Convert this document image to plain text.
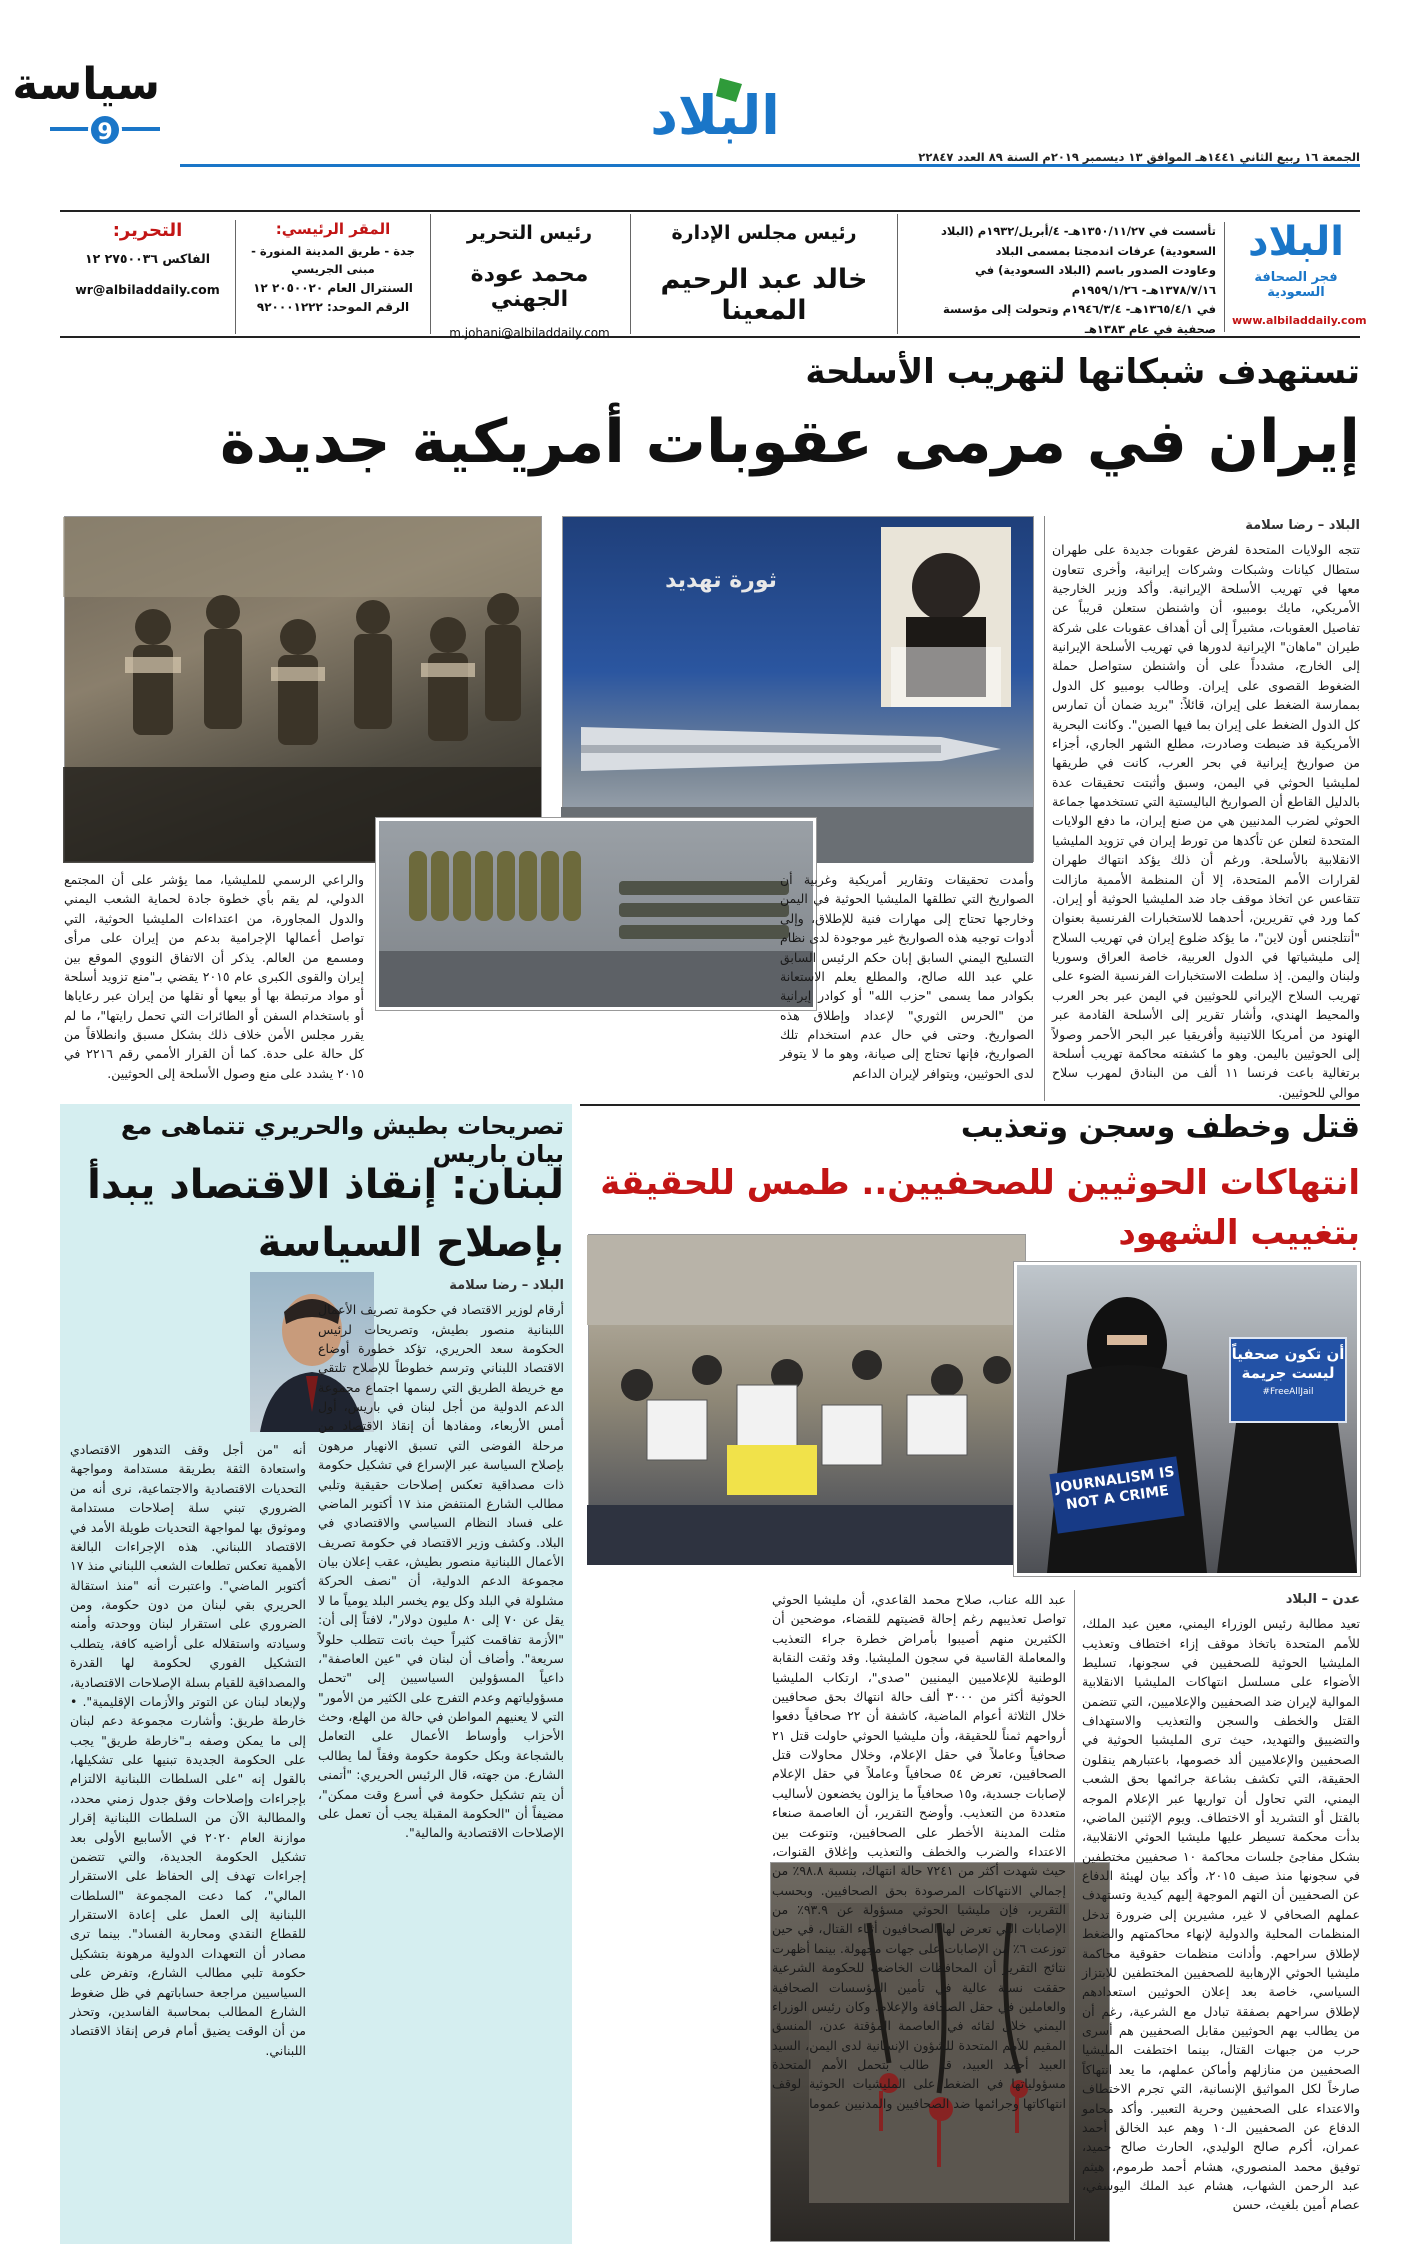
سياسة
9	البلاد
الجمعة ١٦ ربيع الثاني ١٤٤١هـ الموافق ١٣ ديسمبر ٢٠١٩م السنة ٨٩ العدد ٢٢٨٤٧
البلاد
فجر الصحافة السعودية
www.albiladdaily.com
تأسست في ١٣٥٠/١١/٢٧هـ- ٤/أبريل/١٩٣٢م (البلاد السعودية) عرفات اندمجتا بمسمى البلاد
وعاودت الصدور باسم (البلاد السعودية) في ١٣٧٨/٧/١٦هـ- ١٩٥٩/١/٢٦م
في ١٣٦٥/٤/١هـ- ١٩٤٦/٣/٤م وتحولت إلى مؤسسة صحفية في عام ١٣٨٣هـ
رئيس مجلس الإدارة
خالد عبد الرحيم المعينا
رئيس التحرير
محمد عودة الجهني
m.johani@albiladdaily.com
المقر الرئيسي:
جدة - طريق المدينة المنورة - مبنى الجريسي
السنترال العام ٢٠٥٠٠٢٠ ١٢
الرقم الموحد: ٩٢٠٠٠١٢٢٢
التحرير:
الفاكس ٢٧٥٠٠٣٦ ١٢
wr@albiladdaily.com
تستهدف شبكاتها لتهريب الأسلحة
إيران في مرمى عقوبات أمريكية جديدة
ثورة تهديد
البلاد – رضا سلامة

تتجه الولايات المتحدة لفرض عقوبات جديدة على طهران ستطال كيانات وشبكات وشركات إيرانية، وأخرى تتعاون معها في تهريب الأسلحة الإيرانية. وأكد وزير الخارجية الأمريكي، مايك بومبيو، أن واشنطن ستعلن قريباً عن تفاصيل العقوبات، مشيراً إلى أن أهداف عقوبات على شركة طيران "ماهان" الإيرانية لدورها في تهريب الأسلحة الإيرانية إلى الخارج، مشدداً على أن واشنطن ستواصل حملة الضغوط القصوى على إيران. وطالب بومبيو كل الدول بممارسة الضغط على إيران، قائلاً: "بريد ضمان أن تمارس كل الدول الضغط على إيران بما فيها الصين". وكانت البحرية الأمريكية قد ضبطت وصادرت، مطلع الشهر الجاري، أجزاء من صواريخ إيرانية في بحر العرب، كانت في طريقها لمليشيا الحوثي في اليمن، وسبق وأثبتت تحقيقات عدة بالدليل القاطع أن الصواريخ الباليستية التي تستخدمها جماعة الحوثي لضرب المدنيين هي من صنع إيران، ما دفع الولايات المتحدة لتعلن عن تأكدها من تورط إيران في تزويد المليشيا الانقلابية بالأسلحة. ورغم أن ذلك يؤكد انتهاك طهران لقرارات الأمم المتحدة، إلا أن المنظمة الأممية مازالت تتقاعس عن اتخاذ موقف جاد ضد المليشيا الحوثية أو إيران. كما ورد في تقريرين، أحدهما للاستخبارات الفرنسية بعنوان "أنتلجنس أون لاين"، ما يؤكد ضلوع إيران في تهريب السلاح إلى مليشياتها في الدول العربية، خاصة العراق وسوريا ولبنان واليمن. إذ سلطت الاستخبارات الفرنسية الضوء على تهريب السلاح الإيراني للحوثيين في اليمن عبر بحر العرب والمحيط الهندي، وأشار تقرير إلى الأسلحة القادمة عبر الهنود من أمريكا اللاتينية وأفريقيا عبر البحر الأحمر وصولاً إلى الحوثيين باليمن. وهو ما كشفته محاكمة تهريب أسلحة برتغالية باعت فرنسا ١١ ألف من البنادق لمهرب سلاح موالي للحوثيين.

وأمدت تحقيقات وتقارير أمريكية وغربية أن الصواريخ التي تطلقها المليشيا الحوثية في اليمن وخارجها تحتاج إلى مهارات فنية للإطلاق، وإلى أدوات توجيه هذه الصواريخ غير موجودة لدى نظام التسليح اليمني السابق إبان حكم الرئيس السابق علي عبد الله صالح، والمطلع يعلم الاستعانة بكوادر مما يسمى "حزب الله" أو كوادر إيرانية من "الحرس الثوري" لإعداد وإطلاق هذه الصواريخ. وحتى في حال عدم استخدام تلك الصواريخ، فإنها تحتاج إلى صيانة، وهو ما لا يتوفر لدى الحوثيين، ويتوافر لإيران الداعم

والراعي الرسمي للمليشيا، مما يؤشر على أن المجتمع الدولي، لم يقم بأي خطوة جادة لحماية الشعب اليمني والدول المجاورة، من اعتداءات المليشيا الحوثية، التي تواصل أعمالها الإجرامية بدعم من إيران على مرأى ومسمع من العالم. يذكر أن الاتفاق النووي الموقع بين إيران والقوى الكبرى عام ٢٠١٥ يقضي بـ"منع تزويد أسلحة أو مواد مرتبطة بها أو بيعها أو نقلها من إيران عبر رعاياها أو باستخدام السفن أو الطائرات التي تحمل رايتها"، ما لم يقرر مجلس الأمن خلاف ذلك بشكل مسبق وانطلاقاً من كل حالة على حدة. كما أن القرار الأممي رقم ٢٢١٦ في ٢٠١٥ يشدد على منع وصول الأسلحة إلى الحوثيين.

قتل وخطف وسجن وتعذيب
انتهاكات الحوثيين للصحفيين.. طمس للحقيقة بتغييب الشهود
أن تكون صحفياً ليست جريمة
#FreeAllJail
JOURNALISM IS NOT A CRIME
عدن – البلاد

تعيد مطالبة رئيس الوزراء اليمني، معين عبد الملك، للأمم المتحدة باتخاذ موقف إزاء اختطاف وتعذيب المليشيا الحوثية للصحفيين في سجونها، تسليط الأضواء على مسلسل انتهاكات المليشيا الانقلابية الموالية لإيران ضد الصحفيين والإعلاميين، التي تتضمن القتل والخطف والسجن والتعذيب والاستهداف والتضييق والتهديد، حيث ترى المليشيا الحوثية في الصحفيين والإعلاميين ألد خصومها، باعتبارهم ينقلون الحقيقة، التي تكشف بشاعة جرائمها بحق الشعب اليمني، التي تحاول أن تواريها عبر الإعلام الموجه بالقتل أو التشريد أو الاختطاف. ويوم الإثنين الماضي، بدأت محكمة تسيطر عليها مليشيا الحوثي الانقلابية، بشكل مفاجئ جلسات محاكمة ١٠ صحفيين مختطفين في سجونها منذ صيف ٢٠١٥، وأكد بيان لهيئة الدفاع عن الصحفيين أن التهم الموجهة إليهم كيدية وتستهدف عملهم الصحافي لا غير، مشيرين إلى ضرورة تدخل المنظمات المحلية والدولية لإنهاء محاكمتهم والضغط لإطلاق سراحهم. وأدانت منظمات حقوقية محاكمة مليشيا الحوثي الإرهابية للصحفيين المختطفين للابتزاز السياسي، خاصة بعد إعلان الحوثيين استعدادهم لإطلاق سراحهم بصفقة تبادل مع الشرعية، رغم أن من يطالب بهم الحوثيين مقابل الصحفيين هم أسرى حرب من جبهات القتال، بينما اختطفت المليشيا الصحفيين من منازلهم وأماكن عملهم، ما يعد انتهاكاً صارخاً لكل المواثيق الإنسانية، التي تجرم الاختطاف والاعتداء على الصحفيين وحرية التعبير. وأكد محامو الدفاع عن الصحفيين الـ١٠ وهم عبد الخالق أحمد عمران، أكرم صالح الوليدي، الحارث صالح حميد، توفيق محمد المنصوري، هشام أحمد طرموم، هيثم عبد الرحمن الشهاب، هشام عبد الملك اليوسفي، عصام أمين بلغيث، حسن

عبد الله عناب، صلاح محمد القاعدي، أن مليشيا الحوثي تواصل تعذيبهم رغم إحالة قضيتهم للقضاء، موضحين أن الكثيرين منهم أصيبوا بأمراض خطرة جراء التعذيب والمعاملة القاسية في سجون المليشيا. وقد وثقت النقابة الوطنية للإعلاميين اليمنيين "صدى"، ارتكاب المليشيا الحوثية أكثر من ٣٠٠٠ ألف حالة انتهاك بحق صحافيين خلال الثلاثة أعوام الماضية، كاشفة أن ٢٢ صحافياً دفعوا أرواحهم ثمناً للحقيقة، وأن مليشيا الحوثي حاولت قتل ٢١ صحافياً وعاملاً في حقل الإعلام، وخلال محاولات قتل الصحافيين، تعرض ٥٤ صحافياً وعاملاً في حقل الإعلام لإصابات جسدية، و١٥ صحافياً ما يزالون يخضعون لأساليب متعددة من التعذيب. وأوضح التقرير، أن العاصمة صنعاء مثلت المدينة الأخطر على الصحافيين، وتنوعت بين الاعتداء والضرب والخطف والتعذيب وإغلاق القنوات، حيث شهدت أكثر من ٧٢٤١ حالة انتهاك، بنسبة ٩٨.٨٪ من إجمالي الانتهاكات المرصودة بحق الصحافيين. وبحسب التقرير، فإن مليشيا الحوثي مسؤولة عن ٩٣.٩٪ من الإصابات التي تعرض لها الصحافيون أثناء القتال، في حين توزعت ٦٪ من الإصابات على جهات مجهولة. بينما أظهرت نتائج التقرير أن المحافظات الخاضعة للحكومة الشرعية حققت نسبة عالية في تأمين المؤسسات الصحافية والعاملين في حقل الصحافة والإعلام. وكان رئيس الوزراء اليمني خلال لقائه في العاصمة المؤقتة عدن، المنسق المقيم للأمم المتحدة للشؤون الإنسانية لدى اليمن، السيد العبيد أحمد العبيد، قد طالب بتحمل الأمم المتحدة مسؤولياتها في الضغط على المليشيات الحوثية لوقف انتهاكاتها وجرائمها ضد الصحافيين والمدنيين عموما

تصريحات بطيش والحريري تتماهى مع بيان باريس
لبنان: إنقاذ الاقتصاد يبدأ بإصلاح السياسة
البلاد – رضا سلامة

أرقام لوزير الاقتصاد في حكومة تصريف الأعمال اللبنانية منصور بطيش، وتصريحات لرئيس الحكومة سعد الحريري، تؤكد خطورة أوضاع الاقتصاد اللبناني وترسم خطوطاً للإصلاح تلتقي مع خريطة الطريق التي رسمها اجتماع مجموعة الدعم الدولية من أجل لبنان في باريس، أول أمس الأربعاء، ومفادها أن إنقاذ الاقتصاد من مرحلة الفوضى التي تسبق الانهيار مرهون بإصلاح السياسة عبر الإسراع في تشكيل حكومة ذات مصداقية تعكس إصلاحات حقيقية وتلبي مطالب الشارع المنتفض منذ ١٧ أكتوبر الماضي على فساد النظام السياسي والاقتصادي في البلاد. وكشف وزير الاقتصاد في حكومة تصريف الأعمال اللبنانية منصور بطيش، عقب إعلان بيان مجموعة الدعم الدولية، أن "نصف الحركة مشلولة في البلد وكل يوم يخسر البلد يومياً ما لا يقل عن ٧٠ إلى ٨٠ مليون دولار"، لافتاً إلى أن: "الأزمة تفاقمت كثيراً حيث باتت تتطلب حلولاً سريعة". وأضاف أن لبنان في "عين العاصفة"، داعياً المسؤولين السياسيين إلى "تحمل مسؤولياتهم وعدم التفرج على الكثير من الأمور" التي لا يعنيهم المواطن في حالة من الهلع، وحث الأحزاب وأوساط الأعمال على التعامل بالشجاعة وبكل حكومة حكومة وفقاً لما يطالب الشارع. من جهته، قال الرئيس الحريري: "أتمنى أن يتم تشكيل حكومة في أسرع وقت ممكن"، مضيفاً أن "الحكومة المقبلة يجب أن تعمل على الإصلاحات الاقتصادية والمالية".

أنه "من أجل وقف التدهور الاقتصادي واستعادة الثقة بطريقة مستدامة ومواجهة التحديات الاقتصادية والاجتماعية، نرى أنه من الضروري تبني سلة إصلاحات مستدامة وموثوق بها لمواجهة التحديات طويلة الأمد في الاقتصاد اللبناني. هذه الإجراءات البالغة الأهمية تعكس تطلعات الشعب اللبناني منذ ١٧ أكتوبر الماضي". واعتبرت أنه "منذ استقالة الحريري بقي لبنان من دون حكومة، ومن الضروري على استقرار لبنان ووحدته وأمنه وسيادته واستقلاله على أراضيه كافة، يتطلب التشكيل الفوري لحكومة لها القدرة والمصداقية للقيام بسلة الإصلاحات الاقتصادية، ولإبعاد لبنان عن التوتر والأزمات الإقليمية". • خارطة طريق: وأشارت مجموعة دعم لبنان إلى ما يمكن وصفه بـ"خارطة طريق" يجب على الحكومة الجديدة تبنيها على تشكيلها، بالقول إنه "على السلطات اللبنانية الالتزام بإجراءات وإصلاحات وفق جدول زمني محدد، والمطالبة الآن من السلطات اللبنانية إقرار موازنة العام ٢٠٢٠ في الأسابيع الأولى بعد تشكيل الحكومة الجديدة، والتي تتضمن إجراءات تهدف إلى الحفاظ على الاستقرار المالي"، كما دعت المجموعة "السلطات اللبنانية إلى العمل على إعادة الاستقرار للقطاع النقدي ومحاربة الفساد". بينما ترى مصادر أن التعهدات الدولية مرهونة بتشكيل حكومة تلبي مطالب الشارع، وتفرض على السياسيين مراجعة حساباتهم في ظل ضغوط الشارع المطالب بمحاسبة الفاسدين، وتحذر من أن الوقت يضيق أمام فرص إنقاذ الاقتصاد اللبناني.
